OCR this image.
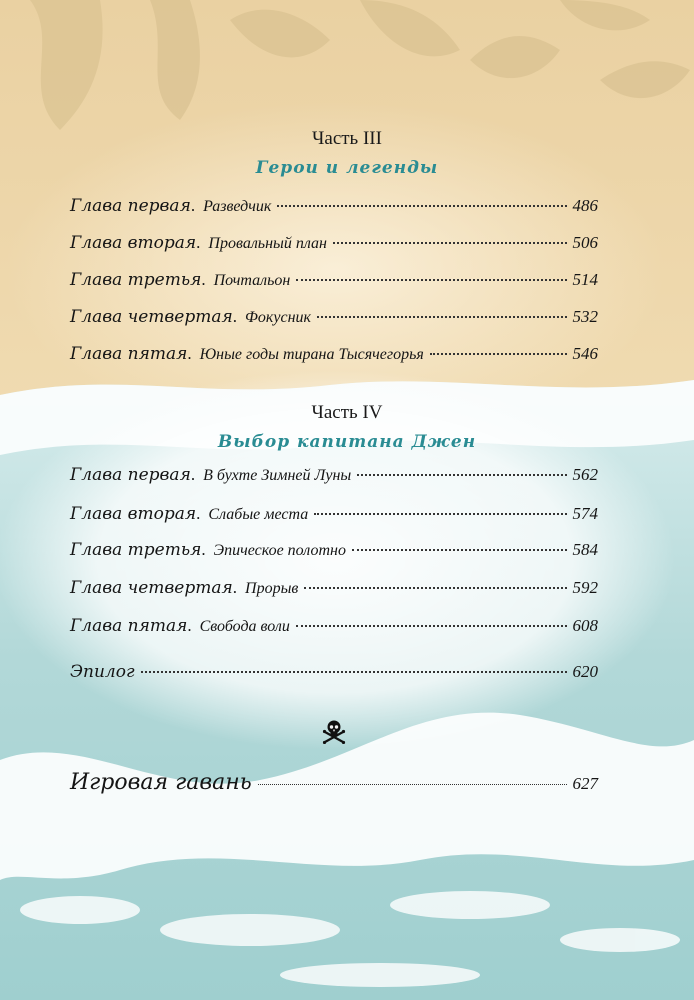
Часть III
Герои и легенды
Глава первая . Разведчик	486
Глава вторая . Провальный план	506
Глава третья . Почтальон	514
Глава четвертая . Фокусник	532
Глава пятая . Юные годы тирана Тысячегорья	546
Часть IV
Выбор капитана Джен
Глава первая . В бухте Зимней Луны	562
Глава вторая . Слабые места	574
Глава третья . Эпическое полотно	584
Глава четвертая . Прорыв	592
Глава пятая . Свобода воли	608
Эпилог	620
Игровая гавань	627
